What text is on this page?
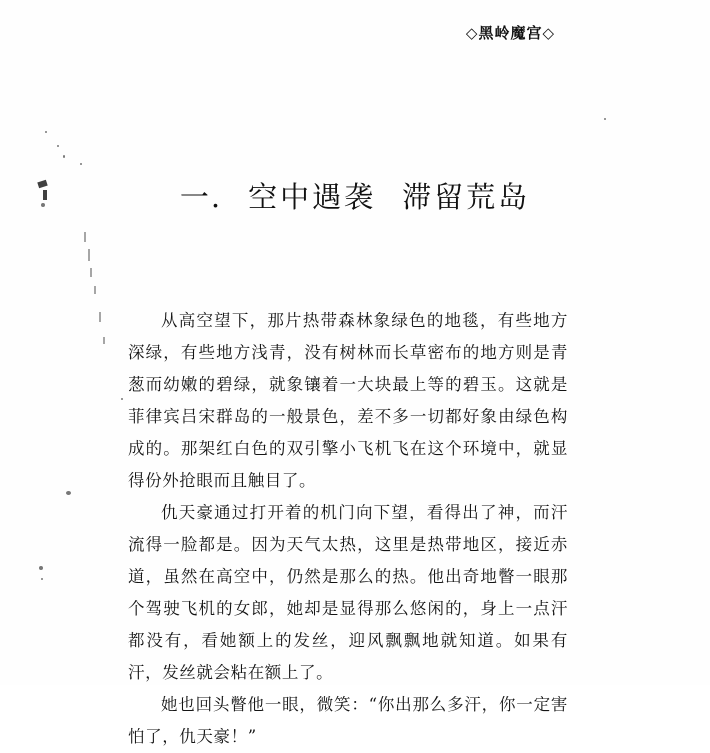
◇黑岭魔宫◇
一. 空中遇袭 滞留荒岛

从高空望下，那片热带森林象绿色的地毯，有些地方深绿，有些地方浅青，没有树林而长草密布的地方则是青葱而幼嫩的碧绿，就象镶着一大块最上等的碧玉。这就是菲律宾吕宋群岛的一般景色，差不多一切都好象由绿色构成的。那架红白色的双引擎小飞机飞在这个环境中，就显得份外抢眼而且触目了。

仇天豪通过打开着的机门向下望，看得出了神，而汗流得一脸都是。因为天气太热，这里是热带地区，接近赤道，虽然在高空中，仍然是那么的热。他出奇地瞥一眼那个驾驶飞机的女郎，她却是显得那么悠闲的，身上一点汗都没有，看她额上的发丝，迎风飘飘地就知道。如果有汗，发丝就会粘在额上了。

她也回头瞥他一眼，微笑：“你出那么多汗，你一定害怕了，仇天豪！”
